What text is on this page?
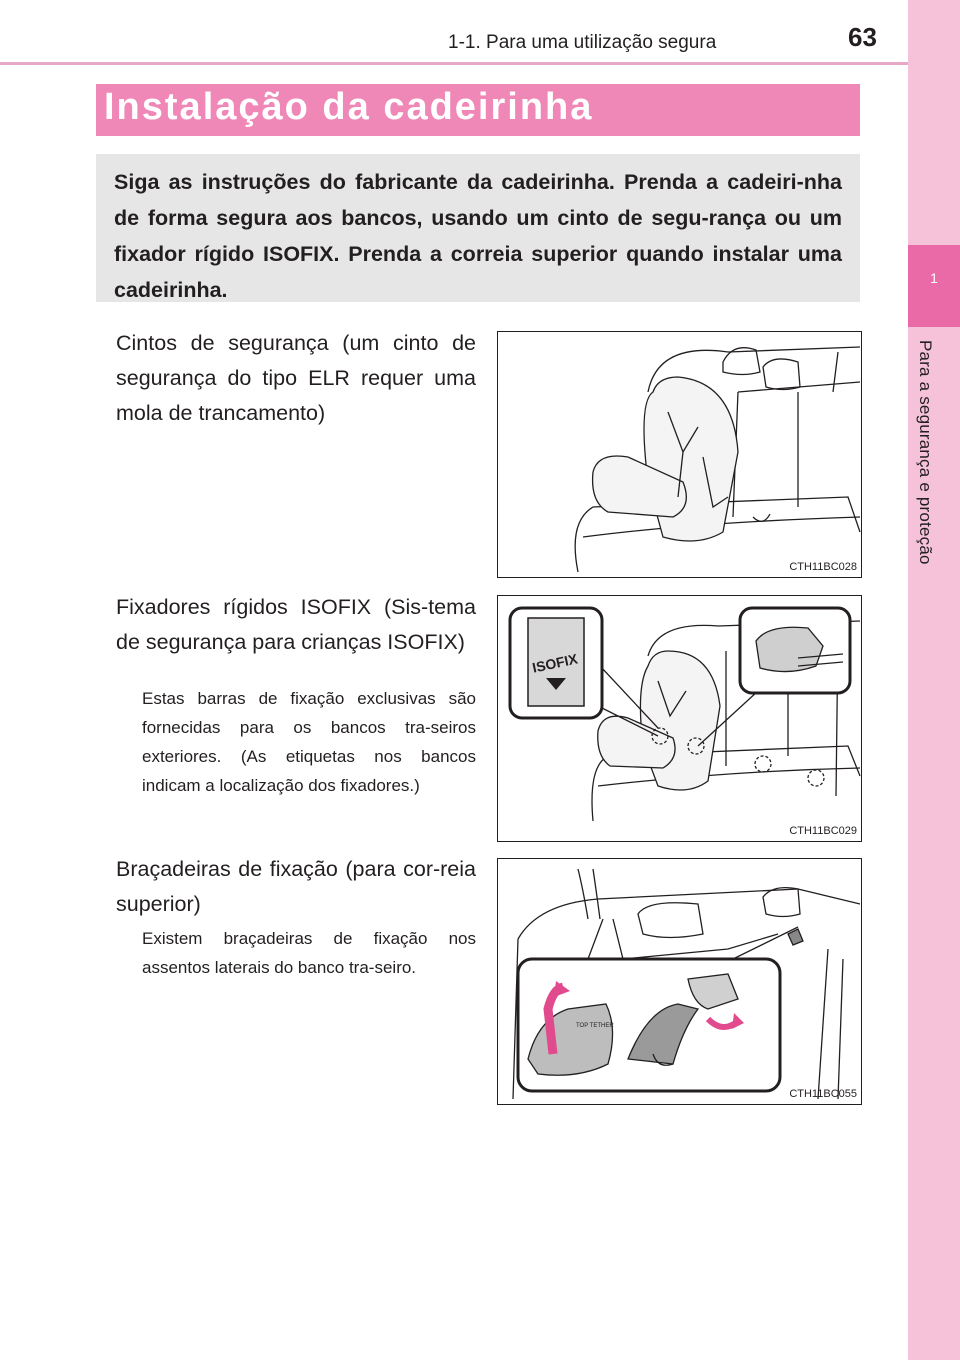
1-1. Para uma utilização segura	63
1
Para a segurança e proteção
Instalação da cadeirinha
Siga as instruções do fabricante da cadeirinha. Prenda a cadeiri-nha de forma segura aos bancos, usando um cinto de segu-rança ou um fixador rígido ISOFIX. Prenda a correia superior quando instalar uma cadeirinha.
Cintos de segurança (um cinto de segurança do tipo ELR requer uma mola de trancamento)
CTH11BC028
Fixadores rígidos ISOFIX (Sis-tema de segurança para crianças ISOFIX)
Estas barras de fixação exclusivas são fornecidas para os bancos tra-seiros exteriores. (As etiquetas nos bancos indicam a localização dos fixadores.)
ISOFIX
CTH11BC029
Braçadeiras de fixação (para cor-reia superior)
Existem braçadeiras de fixação nos assentos laterais do banco tra-seiro.
TOP TETHER
CTH11BC055
